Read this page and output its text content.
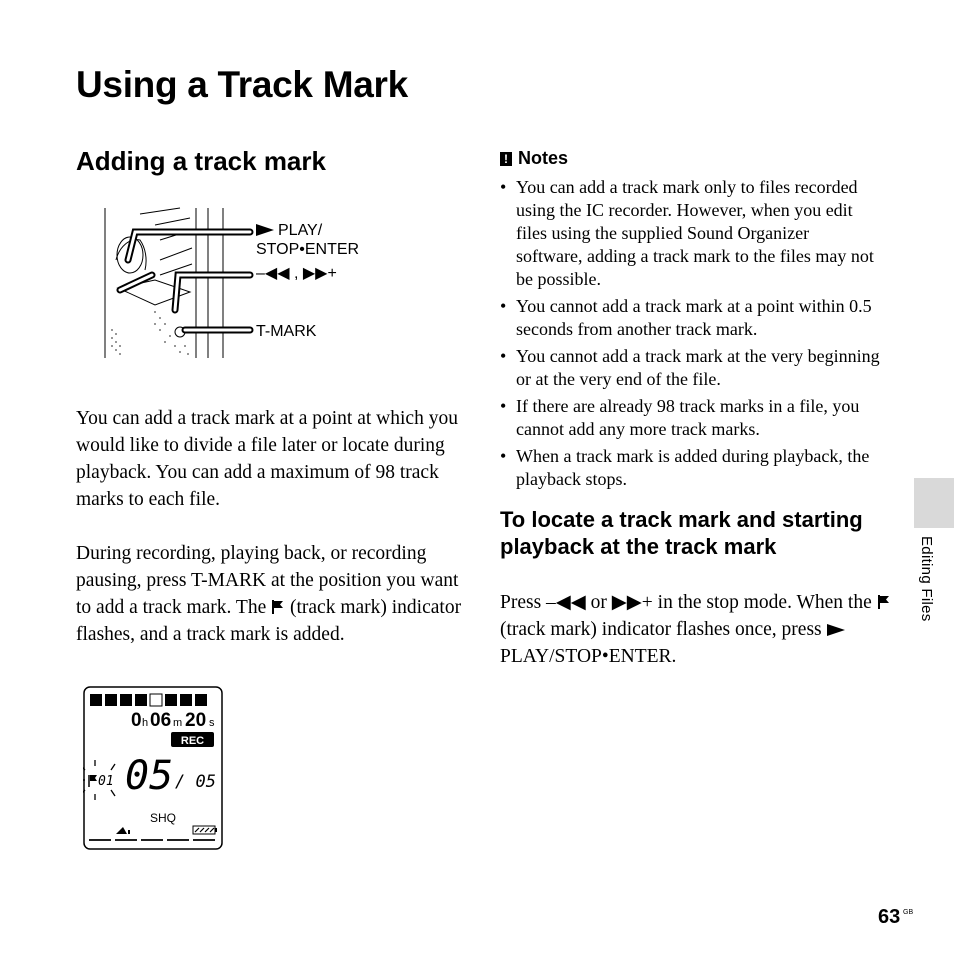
Using a Track Mark
Adding a track mark
PLAY/
STOP•ENTER
–◀◀ , ▶▶+
T-MARK

You can add a track mark at a point at which you would like to divide a file later or locate during playback. You can add a maximum of 98 track marks to each file.

During recording, playing back, or recording pausing, press T-MARK at the position you want to add a track mark. The (track mark) indicator flashes, and a track mark is added.

0 h 06 m 20 s
REC
01 05 / 05
SHQ
! Notes
• You can add a track mark only to files recorded using the IC recorder. However, when you edit files using the supplied Sound Organizer software, adding a track mark to the files may not be possible.
• You cannot add a track mark at a point within 0.5 seconds from another track mark.
• You cannot add a track mark at the very beginning or at the very end of the file.
• If there are already 98 track marks in a file, you cannot add any more track marks.
• When a track mark is added during playback, the playback stops.
To locate a track mark and starting playback at the track mark

Press –◀◀ or ▶▶+ in the stop mode. When the  (track mark) indicator flashes once, press PLAY/STOP•ENTER.

Editing Files
63 GB
